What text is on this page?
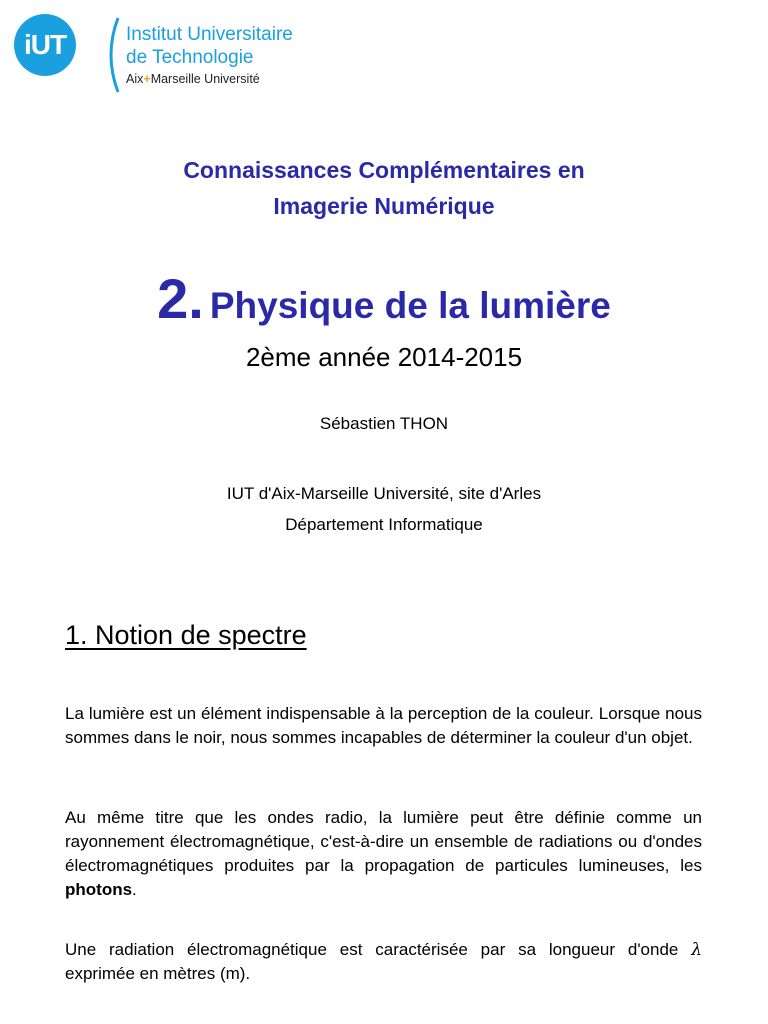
iUT	Institut Universitaire
de Technologie
Aix+Marseille Université
Connaissances Complémentaires en
Imagerie Numérique
2. Physique de la lumière
2ème année 2014-2015
Sébastien THON
IUT d'Aix-Marseille Université, site d'Arles
Département Informatique
1. Notion de spectre
La lumière est un élément indispensable à la perception de la couleur. Lorsque nous sommes dans le noir, nous sommes incapables de déterminer la couleur d'un objet.
Au même titre que les ondes radio, la lumière peut être définie comme un rayonnement électromagnétique, c'est-à-dire un ensemble de radiations ou d'ondes électromagnétiques produites par la propagation de particules lumineuses, les photons.
Une radiation électromagnétique est caractérisée par sa longueur d'onde λ exprimée en mètres (m).
